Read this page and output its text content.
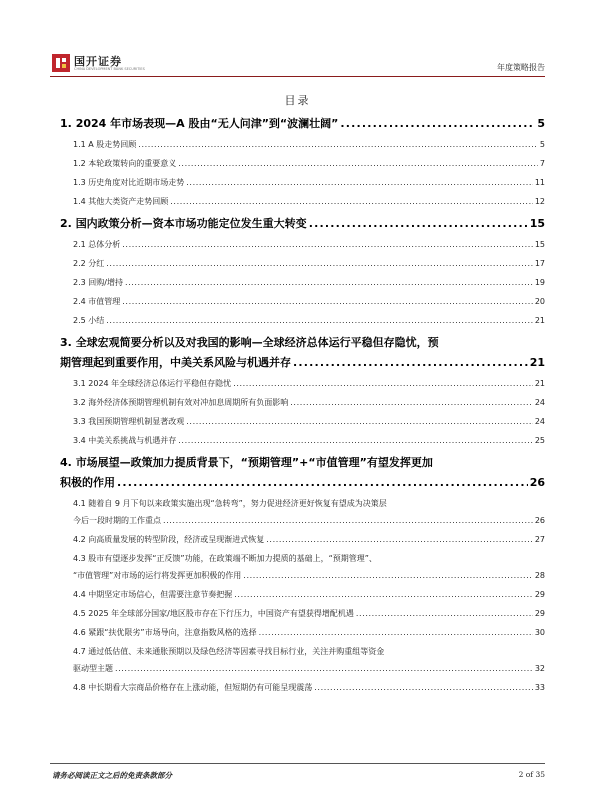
国开证券
CHINA DEVELOPMENT BANK SECURITIES	年度策略报告
目录
1. 2024 年市场表现—A 股由“无人问津”到“波澜壮阔” .....	5
1.1 A 股走势回顾 .....	5
1.2 本轮政策转向的重要意义 .....	7
1.3 历史角度对比近期市场走势 .....	11
1.4 其他大类资产走势回顾 .....	12
2. 国内政策分析—资本市场功能定位发生重大转变 .....	15
2.1 总体分析 .....	15
2.2 分红 .....	17
2.3 回购/增持 .....	19
2.4 市值管理 .....	20
2.5 小结 .....	21
3. 全球宏观简要分析以及对我国的影响—全球经济总体运行平稳但存隐忧，预
期管理起到重要作用，中美关系风险与机遇并存 .....	21
3.1 2024 年全球经济总体运行平稳但存隐忧 .....	21
3.2 海外经济体预期管理机制有效对冲加息周期所有负面影响 .....	24
3.3 我国预期管理机制显著改观 .....	24
3.4 中美关系挑战与机遇并存 .....	25
4. 市场展望—政策加力提质背景下，“预期管理”+“市值管理”有望发挥更加
积极的作用 .....	26
4.1 随着自 9 月下旬以来政策实施出现“急转弯”，努力促进经济更好恢复有望成为决策层
今后一段时期的工作重点 .....	26
4.2 向高质量发展的转型阶段，经济或呈现渐进式恢复 .....	27
4.3 股市有望逐步发挥“正反馈”功能，在政策端不断加力提质的基础上，“预期管理”、
“市值管理”对市场的运行将发挥更加积极的作用 .....	28
4.4 中期坚定市场信心，但需要注意节奏把握 .....	29
4.5 2025 年全球部分国家/地区股市存在下行压力，中国资产有望获得增配机遇 .....	29
4.6 紧跟“扶优限劣”市场导向，注意指数风格的选择 .....	30
4.7 通过低估值、未来通胀预期以及绿色经济等因素寻找目标行业，关注并购重组等资金
驱动型主题 .....	32
4.8 中长期看大宗商品价格存在上涨动能，但短期仍有可能呈现震荡 .....	33
请务必阅读正文之后的免责条款部分	2 of 35
